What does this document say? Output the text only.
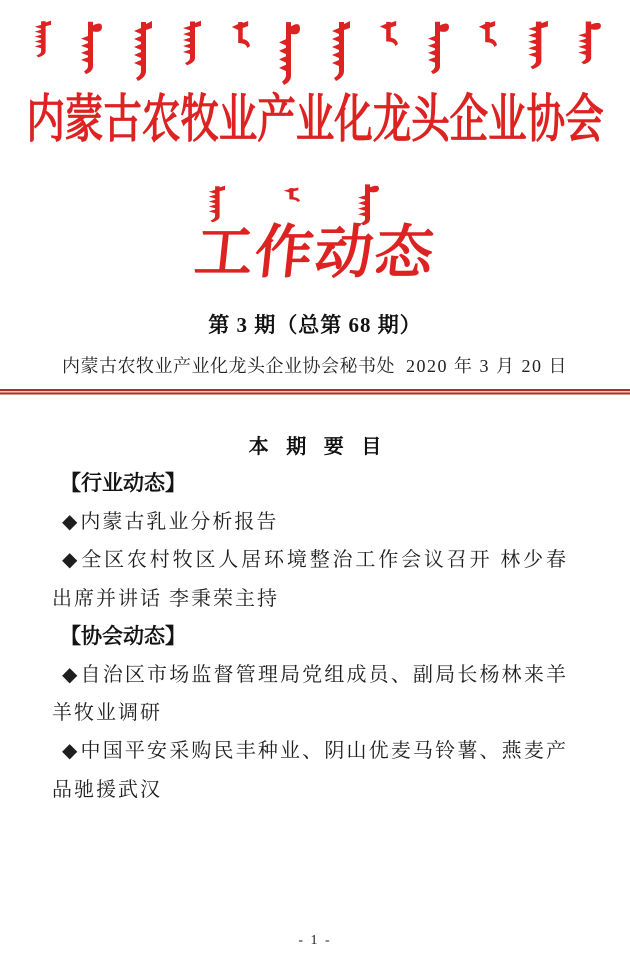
内蒙古农牧业产业化龙头企业协会
工作动态
第 3 期（总第 68 期）
内蒙古农牧业产业化龙头企业协会秘书处 2020 年 3 月 20 日
本 期 要 目

【行业动态】

◆内蒙古乳业分析报告

◆全区农村牧区人居环境整治工作会议召开 林少春出席并讲话 李秉荣主持

【协会动态】

◆自治区市场监督管理局党组成员、副局长杨林来羊羊牧业调研

◆中国平安采购民丰种业、阴山优麦马铃薯、燕麦产品驰援武汉

- 1 -
